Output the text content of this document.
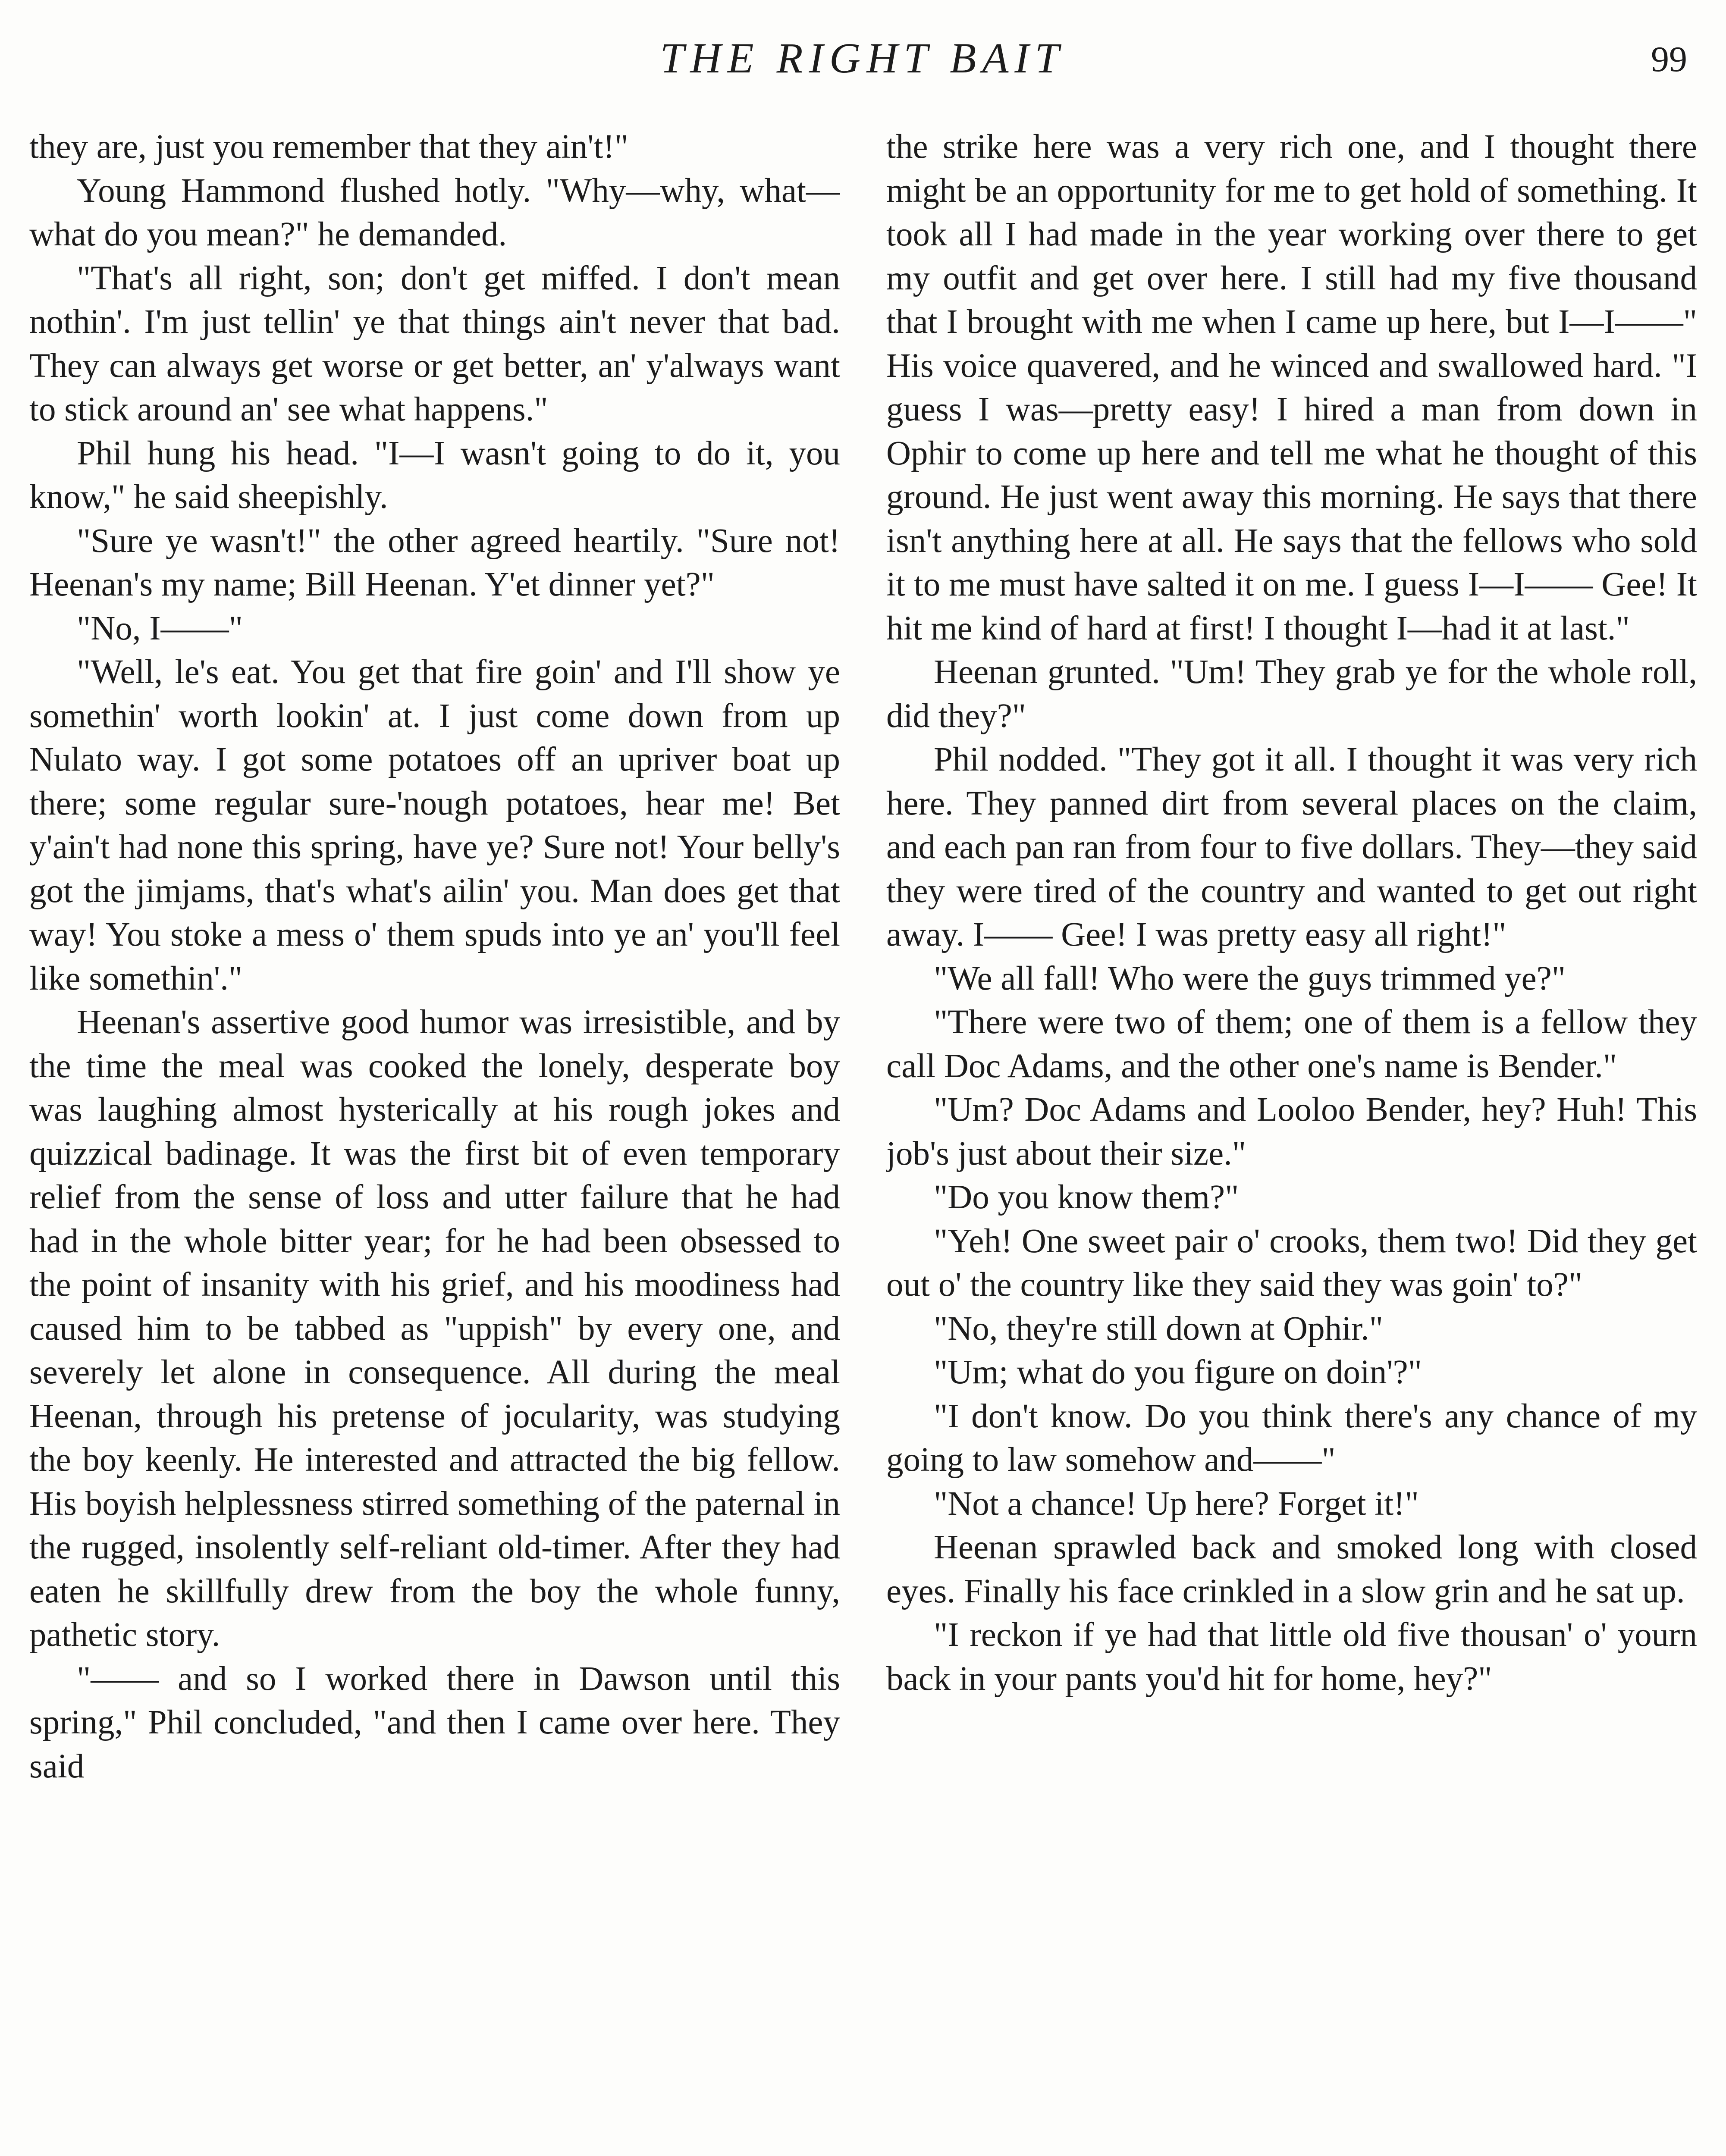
THE RIGHT BAIT	99

they are, just you remember that they ain't!"

Young Hammond flushed hotly. "Why—why, what—what do you mean?" he demanded.

"That's all right, son; don't get miffed. I don't mean nothin'. I'm just tellin' ye that things ain't never that bad. They can always get worse or get better, an' y'always want to stick around an' see what happens."

Phil hung his head. "I—I wasn't going to do it, you know," he said sheepishly.

"Sure ye wasn't!" the other agreed heartily. "Sure not! Heenan's my name; Bill Heenan. Y'et dinner yet?"

"No, I——"

"Well, le's eat. You get that fire goin' and I'll show ye somethin' worth lookin' at. I just come down from up Nulato way. I got some potatoes off an upriver boat up there; some regular sure-'nough potatoes, hear me! Bet y'ain't had none this spring, have ye? Sure not! Your belly's got the jimjams, that's what's ailin' you. Man does get that way! You stoke a mess o' them spuds into ye an' you'll feel like somethin'."

Heenan's assertive good humor was irresistible, and by the time the meal was cooked the lonely, desperate boy was laughing almost hysterically at his rough jokes and quizzical badinage. It was the first bit of even temporary relief from the sense of loss and utter failure that he had had in the whole bitter year; for he had been obsessed to the point of insanity with his grief, and his moodiness had caused him to be tabbed as "uppish" by every one, and severely let alone in consequence. All during the meal Heenan, through his pretense of jocularity, was studying the boy keenly. He interested and attracted the big fellow. His boyish helplessness stirred something of the paternal in the rugged, insolently self-reliant old-timer. After they had eaten he skillfully drew from the boy the whole funny, pathetic story.

"—— and so I worked there in Dawson until this spring," Phil concluded, "and then I came over here. They said

the strike here was a very rich one, and I thought there might be an opportunity for me to get hold of something. It took all I had made in the year working over there to get my outfit and get over here. I still had my five thousand that I brought with me when I came up here, but I—I——" His voice quavered, and he winced and swallowed hard. "I guess I was—pretty easy! I hired a man from down in Ophir to come up here and tell me what he thought of this ground. He just went away this morning. He says that there isn't anything here at all. He says that the fellows who sold it to me must have salted it on me. I guess I—I—— Gee! It hit me kind of hard at first! I thought I—had it at last."

Heenan grunted. "Um! They grab ye for the whole roll, did they?"

Phil nodded. "They got it all. I thought it was very rich here. They panned dirt from several places on the claim, and each pan ran from four to five dollars. They—they said they were tired of the country and wanted to get out right away. I—— Gee! I was pretty easy all right!"

"We all fall! Who were the guys trimmed ye?"

"There were two of them; one of them is a fellow they call Doc Adams, and the other one's name is Bender."

"Um? Doc Adams and Looloo Bender, hey? Huh! This job's just about their size."

"Do you know them?"

"Yeh! One sweet pair o' crooks, them two! Did they get out o' the country like they said they was goin' to?"

"No, they're still down at Ophir."

"Um; what do you figure on doin'?"

"I don't know. Do you think there's any chance of my going to law somehow and——"

"Not a chance! Up here? Forget it!"

Heenan sprawled back and smoked long with closed eyes. Finally his face crinkled in a slow grin and he sat up.

"I reckon if ye had that little old five thousan' o' yourn back in your pants you'd hit for home, hey?"
